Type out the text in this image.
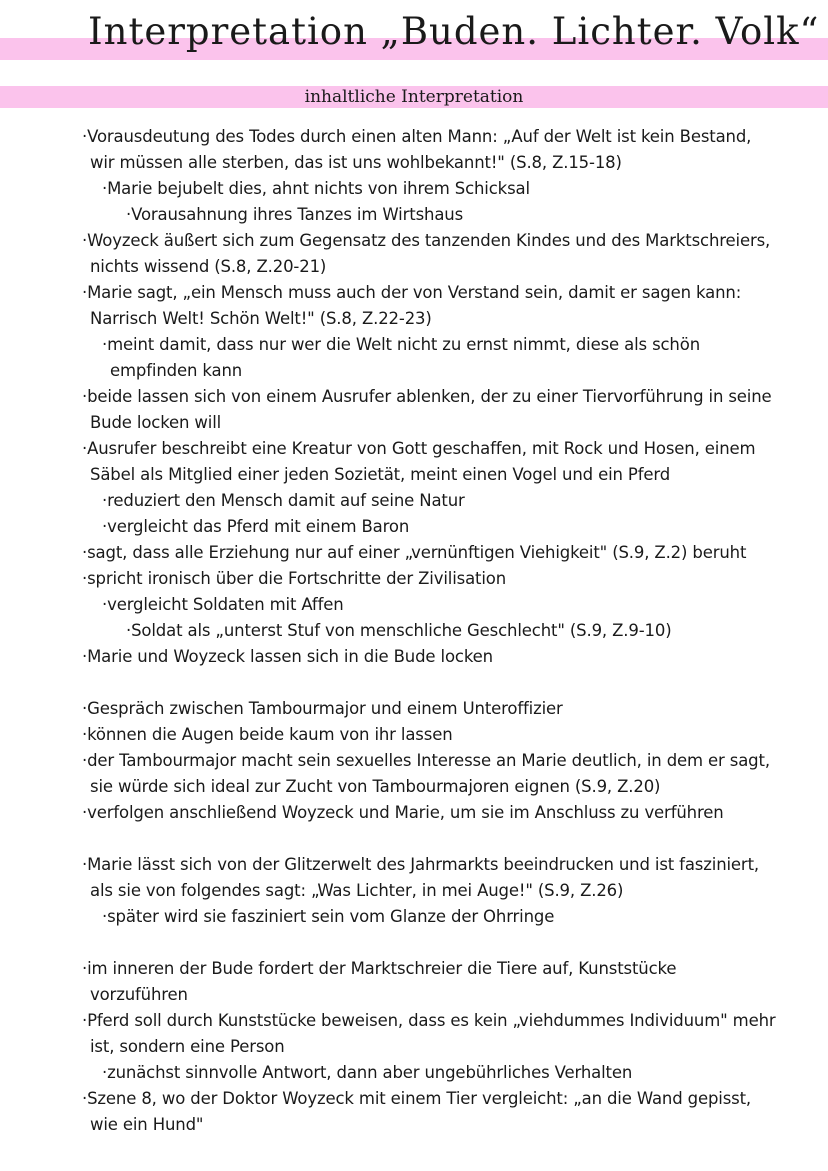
Interpretation „Buden. Lichter. Volk“
inhaltliche Interpretation
·Vorausdeutung des Todes durch einen alten Mann: „Auf der Welt ist kein Bestand,
wir müssen alle sterben, das ist uns wohlbekannt!" (S.8, Z.15-18)
·Marie bejubelt dies, ahnt nichts von ihrem Schicksal
·Vorausahnung ihres Tanzes im Wirtshaus
·Woyzeck äußert sich zum Gegensatz des tanzenden Kindes und des Marktschreiers,
nichts wissend (S.8, Z.20-21)
·Marie sagt, „ein Mensch muss auch der von Verstand sein, damit er sagen kann:
Narrisch Welt! Schön Welt!" (S.8, Z.22-23)
·meint damit, dass nur wer die Welt nicht zu ernst nimmt, diese als schön
empfinden kann
·beide lassen sich von einem Ausrufer ablenken, der zu einer Tiervorführung in seine
Bude locken will
·Ausrufer beschreibt eine Kreatur von Gott geschaffen, mit Rock und Hosen, einem
Säbel als Mitglied einer jeden Sozietät, meint einen Vogel und ein Pferd
·reduziert den Mensch damit auf seine Natur
·vergleicht das Pferd mit einem Baron
·sagt, dass alle Erziehung nur auf einer „vernünftigen Viehigkeit" (S.9, Z.2) beruht
·spricht ironisch über die Fortschritte der Zivilisation
·vergleicht Soldaten mit Affen
·Soldat als „unterst Stuf von menschliche Geschlecht" (S.9, Z.9-10)
·Marie und Woyzeck lassen sich in die Bude locken
·Gespräch zwischen Tambourmajor und einem Unteroffizier
·können die Augen beide kaum von ihr lassen
·der Tambourmajor macht sein sexuelles Interesse an Marie deutlich, in dem er sagt,
sie würde sich ideal zur Zucht von Tambourmajoren eignen (S.9, Z.20)
·verfolgen anschließend Woyzeck und Marie, um sie im Anschluss zu verführen
·Marie lässt sich von der Glitzerwelt des Jahrmarkts beeindrucken und ist fasziniert,
als sie von folgendes sagt: „Was Lichter, in mei Auge!" (S.9, Z.26)
·später wird sie fasziniert sein vom Glanze der Ohrringe
·im inneren der Bude fordert der Marktschreier die Tiere auf, Kunststücke
vorzuführen
·Pferd soll durch Kunststücke beweisen, dass es kein „viehdummes Individuum" mehr
ist, sondern eine Person
·zunächst sinnvolle Antwort, dann aber ungebührliches Verhalten
·Szene 8, wo der Doktor Woyzeck mit einem Tier vergleicht: „an die Wand gepisst,
wie ein Hund"
